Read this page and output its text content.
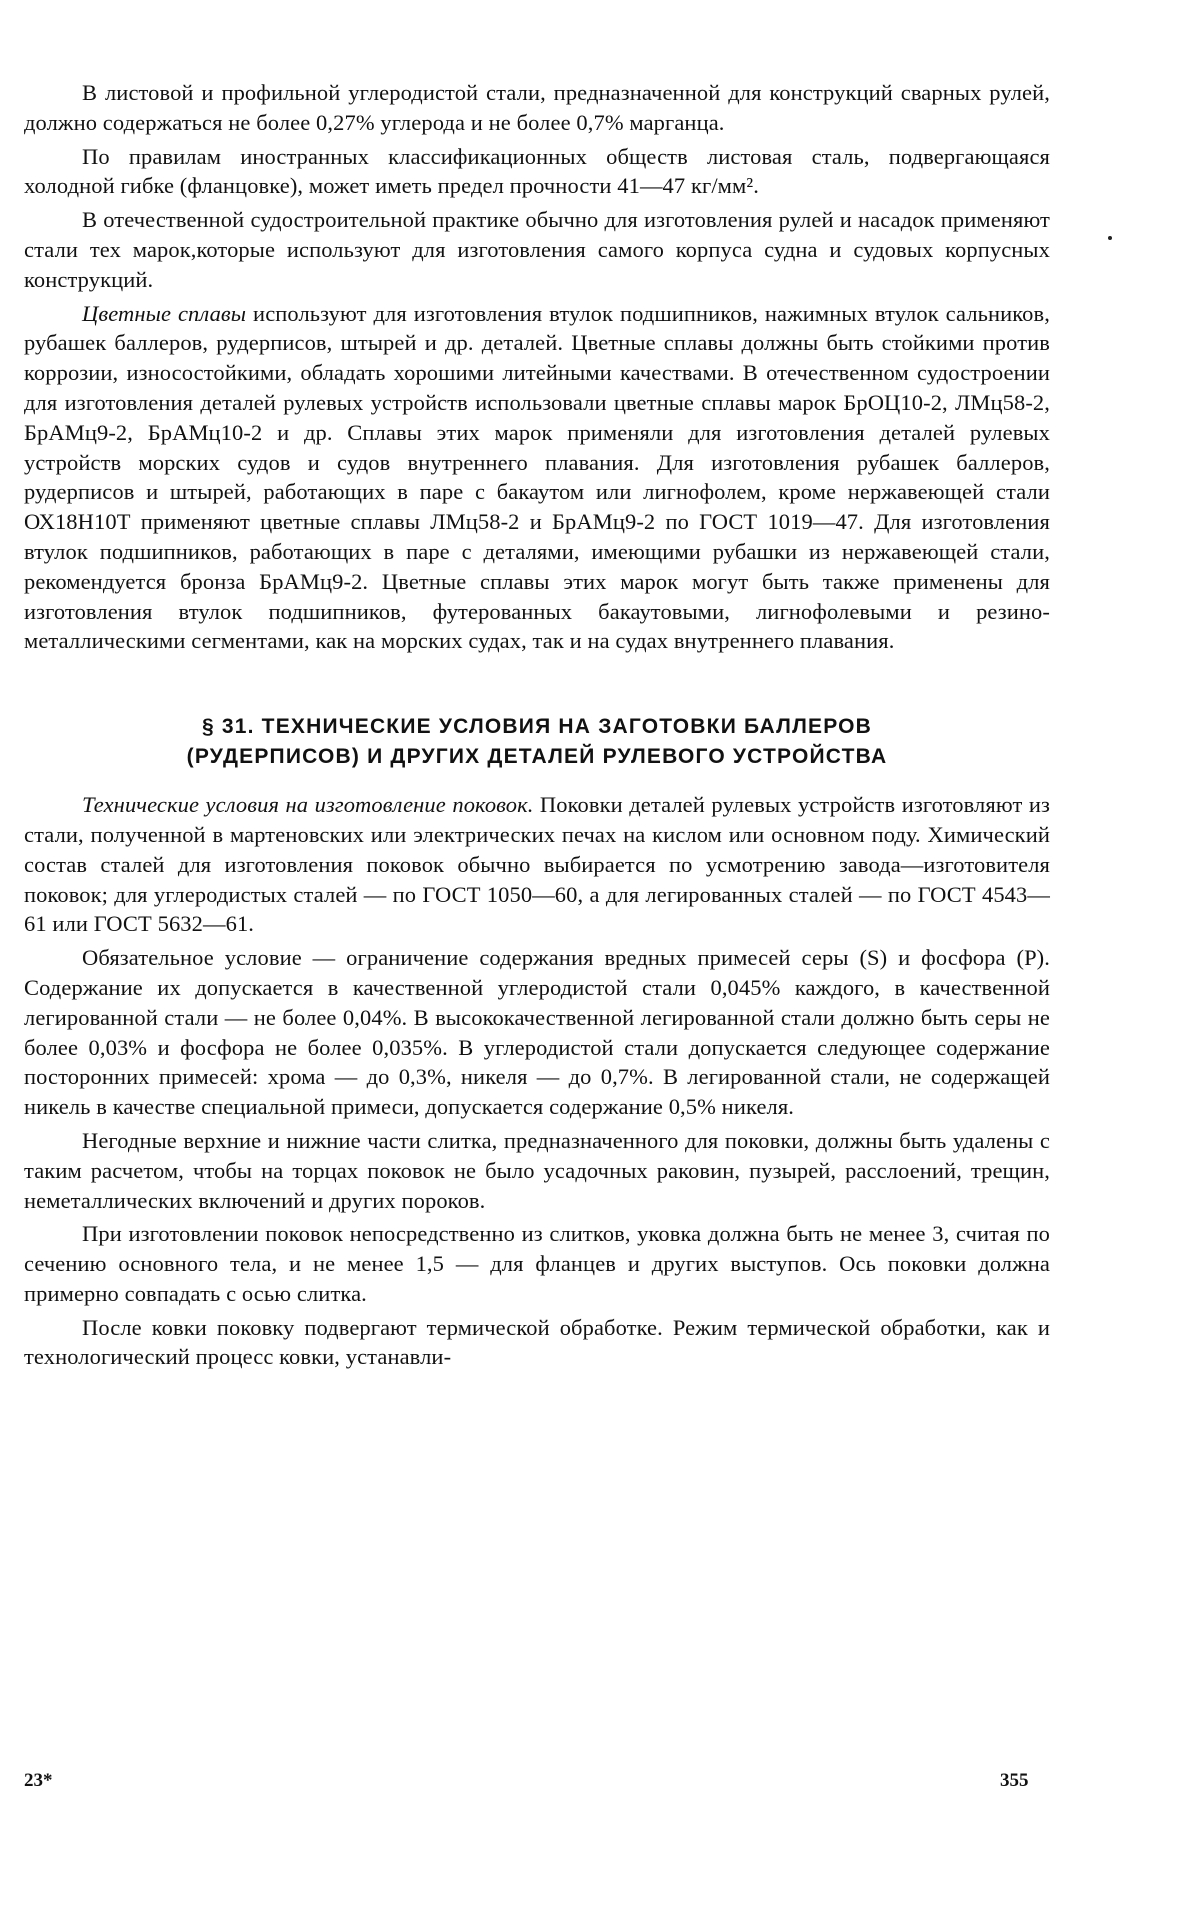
В листовой и профильной углеродистой стали, предназначенной для конструкций сварных рулей, должно содержаться не более 0,27% углерода и не более 0,7% марганца.

По правилам иностранных классификационных обществ листовая сталь, подвергающаяся холодной гибке (фланцовке), может иметь предел прочности 41—47 кг/мм².

В отечественной судостроительной практике обычно для изготовления рулей и насадок применяют стали тех марок,которые используют для изготовления самого корпуса судна и судовых корпусных конструкций.

Цветные сплавы используют для изготовления втулок подшипников, нажимных втулок сальников, рубашек баллеров, рудерписов, штырей и др. деталей. Цветные сплавы должны быть стойкими против коррозии, износостойкими, обладать хорошими литейными качествами. В отечественном судостроении для изготовления деталей рулевых устройств использовали цветные сплавы марок БрОЦ10-2, ЛМц58-2, БрАМц9-2, БрАМц10-2 и др. Сплавы этих марок применяли для изготовления деталей рулевых устройств морских судов и судов внутреннего плавания. Для изготовления рубашек баллеров, рудерписов и штырей, работающих в паре с бакаутом или лигнофолем, кроме нержавеющей стали ОХ18Н10Т применяют цветные сплавы ЛМц58-2 и БрАМц9-2 по ГОСТ 1019—47. Для изготовления втулок подшипников, работающих в паре с деталями, имеющими рубашки из нержавеющей стали, рекомендуется бронза БрАМц9-2. Цветные сплавы этих марок могут быть также применены для изготовления втулок подшипников, футерованных бакаутовыми, лигнофолевыми и резино-металлическими сегментами, как на морских судах, так и на судах внутреннего плавания.

§ 31. ТЕХНИЧЕСКИЕ УСЛОВИЯ НА ЗАГОТОВКИ БАЛЛЕРОВ
(РУДЕРПИСОВ) И ДРУГИХ ДЕТАЛЕЙ РУЛЕВОГО УСТРОЙСТВА

Технические условия на изготовление поковок. Поковки деталей рулевых устройств изготовляют из стали, полученной в мартеновских или электрических печах на кислом или основном поду. Химический состав сталей для изготовления поковок обычно выбирается по усмотрению завода—изготовителя поковок; для углеродистых сталей — по ГОСТ 1050—60, а для легированных сталей — по ГОСТ 4543—61 или ГОСТ 5632—61.

Обязательное условие — ограничение содержания вредных примесей серы (S) и фосфора (P). Содержание их допускается в качественной углеродистой стали 0,045% каждого, в качественной легированной стали — не более 0,04%. В высококачественной легированной стали должно быть серы не более 0,03% и фосфора не более 0,035%. В углеродистой стали допускается следующее содержание посторонних примесей: хрома — до 0,3%, никеля — до 0,7%. В легированной стали, не содержащей никель в качестве специальной примеси, допускается содержание 0,5% никеля.

Негодные верхние и нижние части слитка, предназначенного для поковки, должны быть удалены с таким расчетом, чтобы на торцах поковок не было усадочных раковин, пузырей, расслоений, трещин, неметаллических включений и других пороков.

При изготовлении поковок непосредственно из слитков, уковка должна быть не менее 3, считая по сечению основного тела, и не менее 1,5 — для фланцев и других выступов. Ось поковки должна примерно совпадать с осью слитка.

После ковки поковку подвергают термической обработке. Режим термической обработки, как и технологический процесс ковки, устанавли-

23*	355
